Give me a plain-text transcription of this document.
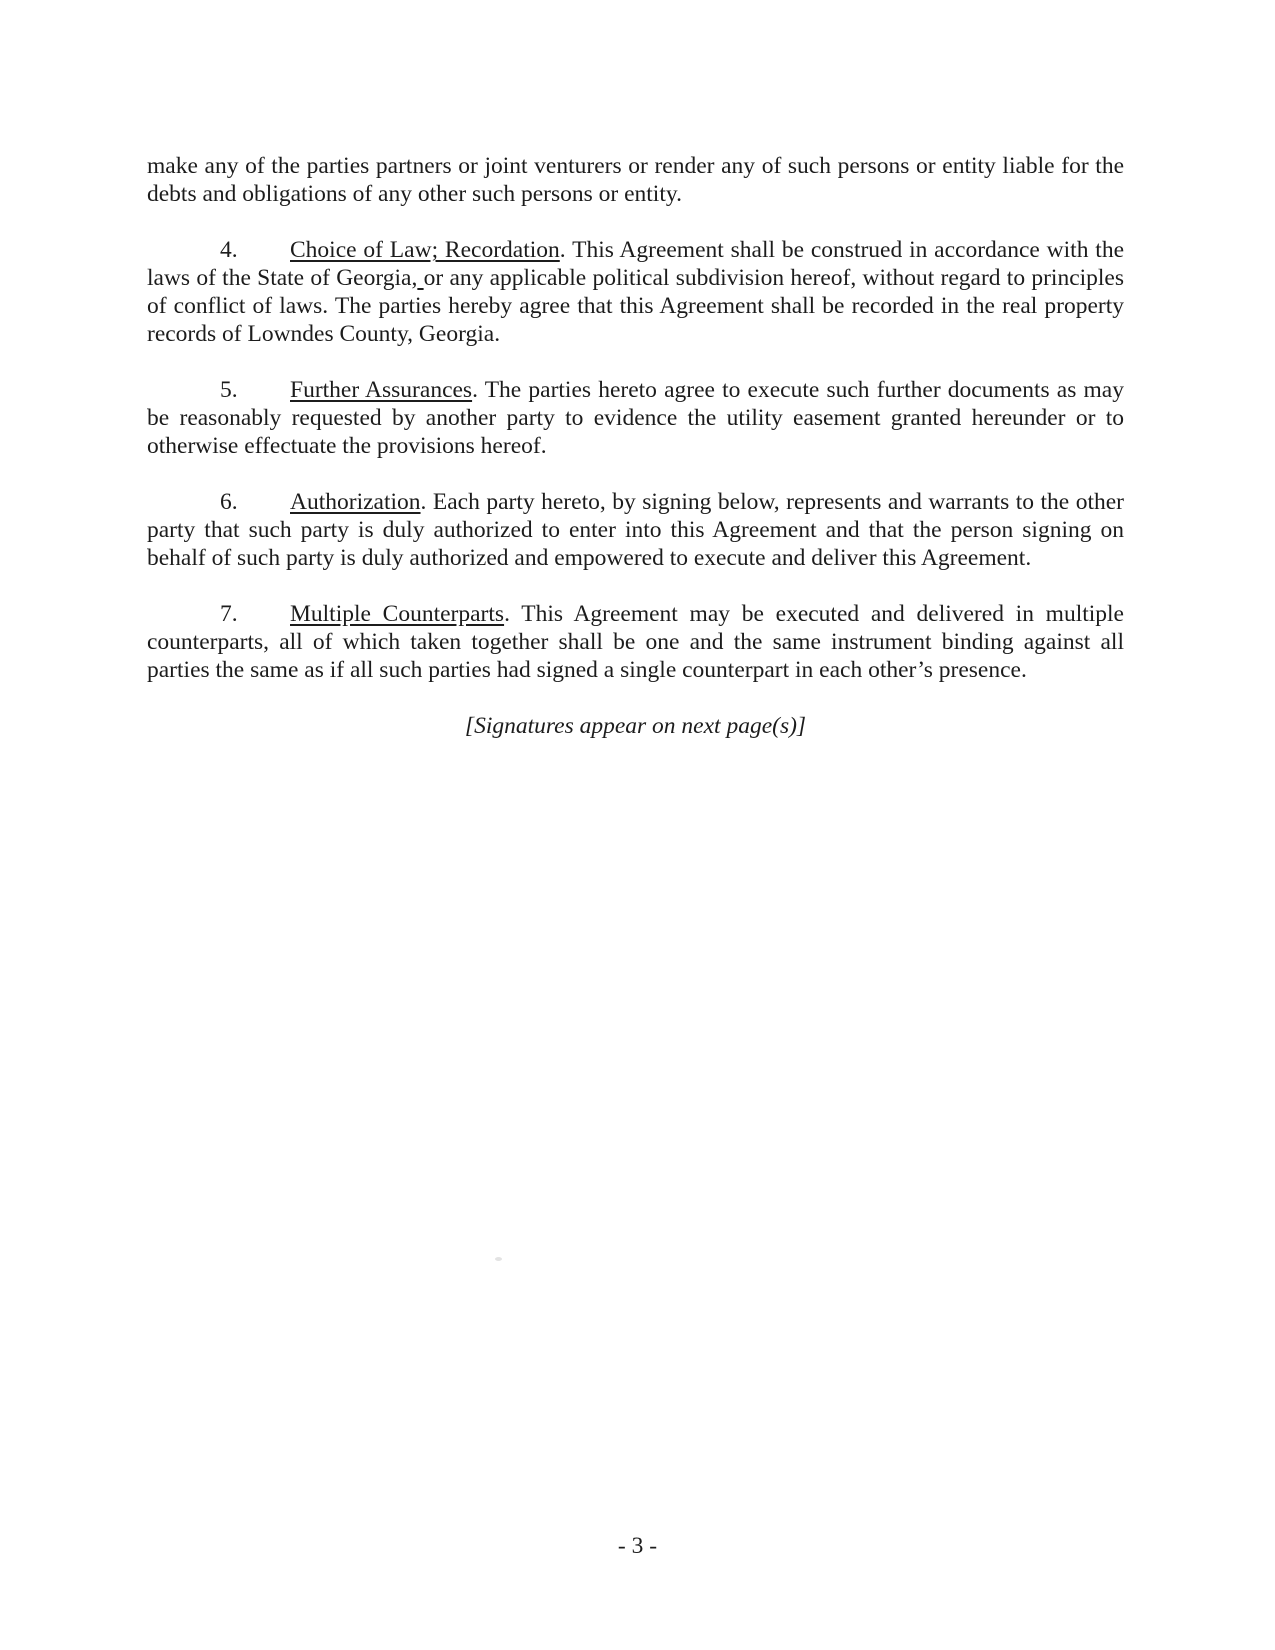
make any of the parties partners or joint venturers or render any of such persons or entity liable for the debts and obligations of any other such persons or entity.

4. Choice of Law; Recordation. This Agreement shall be construed in accordance with the laws of the State of Georgia, or any applicable political subdivision hereof, without regard to principles of conflict of laws. The parties hereby agree that this Agreement shall be recorded in the real property records of Lowndes County, Georgia.

5. Further Assurances. The parties hereto agree to execute such further documents as may be reasonably requested by another party to evidence the utility easement granted hereunder or to otherwise effectuate the provisions hereof.

6. Authorization. Each party hereto, by signing below, represents and warrants to the other party that such party is duly authorized to enter into this Agreement and that the person signing on behalf of such party is duly authorized and empowered to execute and deliver this Agreement.

7. Multiple Counterparts. This Agreement may be executed and delivered in multiple counterparts, all of which taken together shall be one and the same instrument binding against all parties the same as if all such parties had signed a single counterpart in each other’s presence.

[Signatures appear on next page(s)]

- 3 -
